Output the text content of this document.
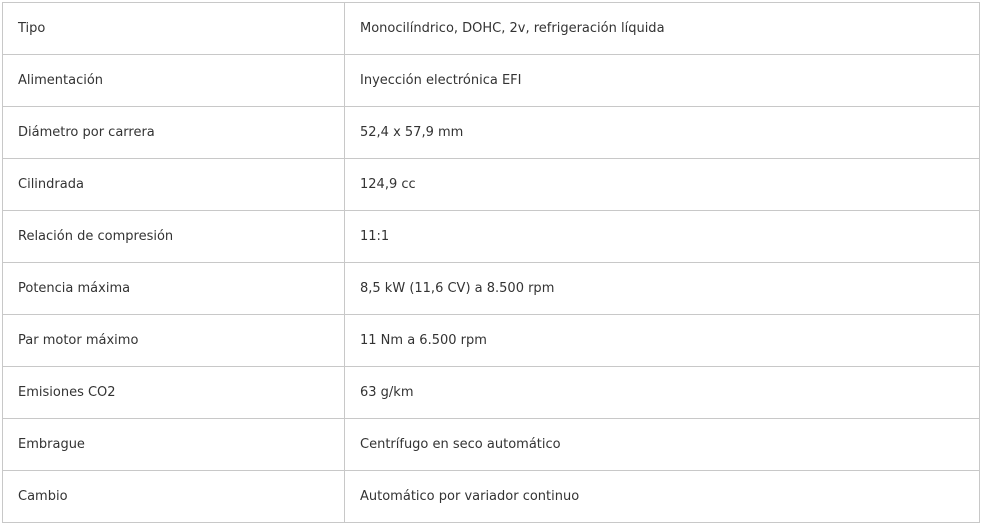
Tipo	Monocilíndrico, DOHC, 2v, refrigeración líquida
Alimentación	Inyección electrónica EFI
Diámetro por carrera	52,4 x 57,9 mm
Cilindrada	124,9 cc
Relación de compresión	11:1
Potencia máxima	8,5 kW (11,6 CV) a 8.500 rpm
Par motor máximo	11 Nm a 6.500 rpm
Emisiones CO2	63 g/km
Embrague	Centrífugo en seco automático
Cambio	Automático por variador continuo
